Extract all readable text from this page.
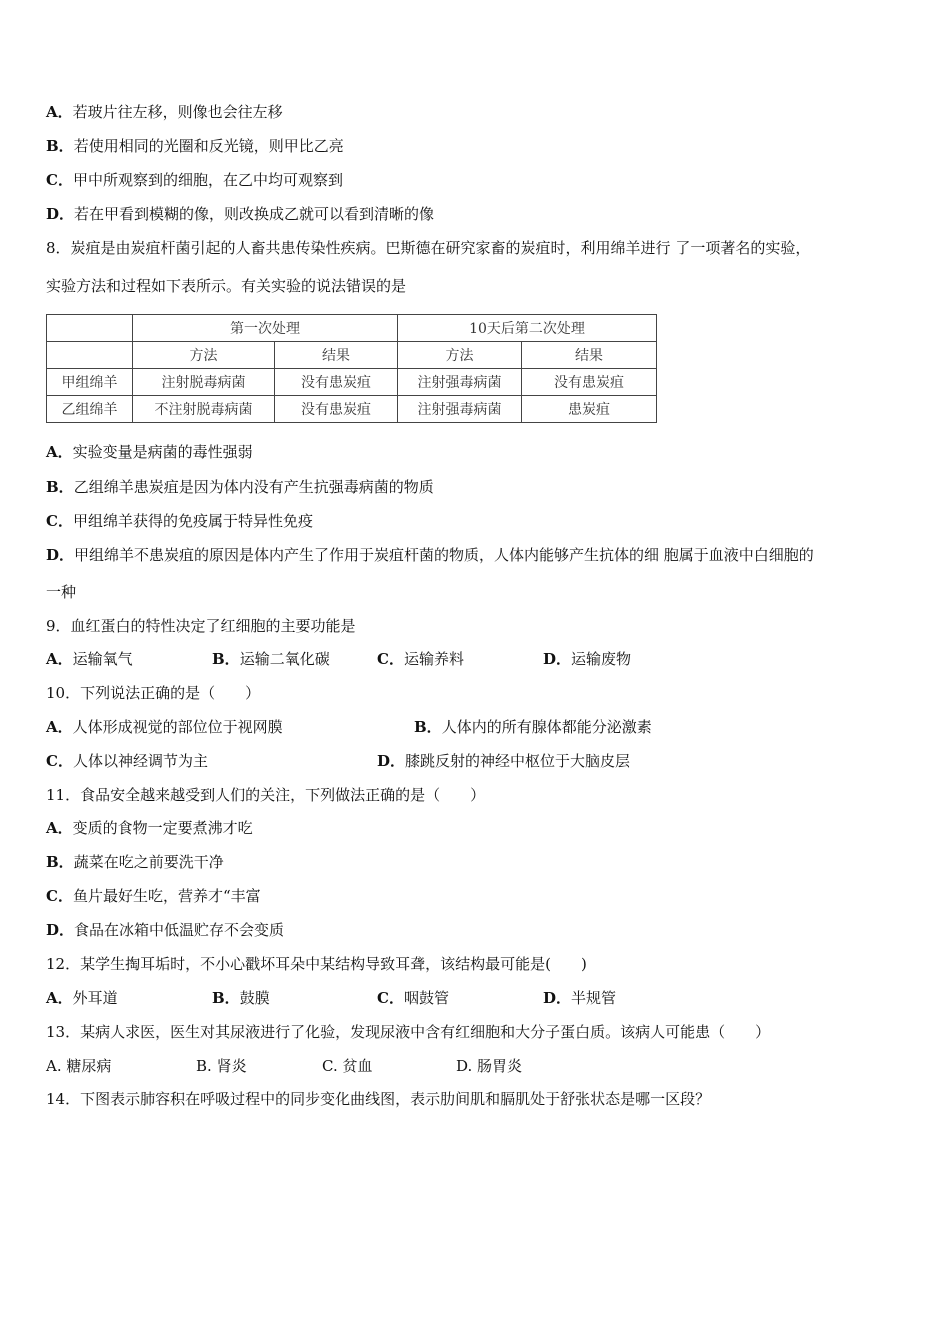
A．若玻片往左移，则像也会往左移
B．若使用相同的光圈和反光镜，则甲比乙亮
C．甲中所观察到的细胞，在乙中均可观察到
D．若在甲看到模糊的像，则改换成乙就可以看到清晰的像
8．炭疽是由炭疽杆菌引起的人畜共患传染性疾病。巴斯德在研究家畜的炭疽时，利用绵羊进行 了一项著名的实验，
实验方法和过程如下表所示。有关实验的说法错误的是
	第一次处理		10天后第二次处理	
	方法	结果	方法	结果
甲组绵羊	注射脱毒病菌	没有患炭疽	注射强毒病菌	没有患炭疽
乙组绵羊	不注射脱毒病菌	没有患炭疽	注射强毒病菌	患炭疽
A．实验变量是病菌的毒性强弱
B．乙组绵羊患炭疽是因为体内没有产生抗强毒病菌的物质
C．甲组绵羊获得的免疫属于特异性免疫
D．甲组绵羊不患炭疽的原因是体内产生了作用于炭疽杆菌的物质，人体内能够产生抗体的细 胞属于血液中白细胞的
一种
9．血红蛋白的特性决定了红细胞的主要功能是
A．运输氧气	B．运输二氧化碳	C．运输养料	D．运输废物
10．下列说法正确的是（　　）
A．人体形成视觉的部位位于视网膜	B．人体内的所有腺体都能分泌激素
C．人体以神经调节为主	D．膝跳反射的神经中枢位于大脑皮层
11．食品安全越来越受到人们的关注，下列做法正确的是（　　）
A．变质的食物一定要煮沸才吃
B．蔬菜在吃之前要洗干净
C．鱼片最好生吃，营养才“丰富
D．食品在冰箱中低温贮存不会变质
12．某学生掏耳垢时，不小心戳坏耳朵中某结构导致耳聋，该结构最可能是(　　)
A．外耳道	B．鼓膜	C．咽鼓管	D．半规管
13．某病人求医，医生对其尿液进行了化验，发现尿液中含有红细胞和大分子蛋白质。该病人可能患（　　）
A. 糖尿病	B. 肾炎	C. 贫血	D. 肠胃炎
14．下图表示肺容积在呼吸过程中的同步变化曲线图，表示肋间肌和膈肌处于舒张状态是哪一区段？
